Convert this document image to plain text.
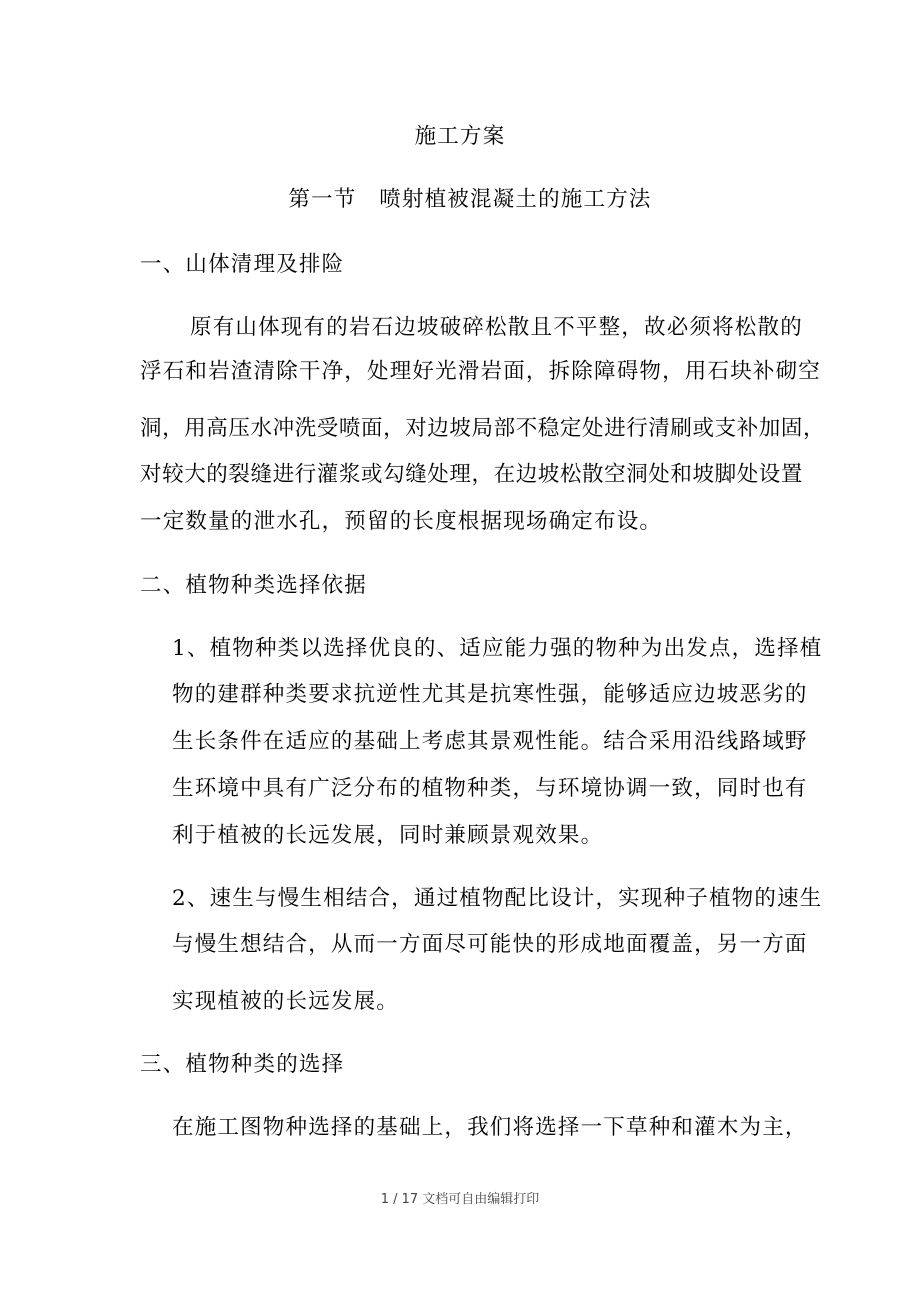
施工方案
第一节　喷射植被混凝土的施工方法
一、山体清理及排险
原有山体现有的岩石边坡破碎松散且不平整，故必须将松散的
浮石和岩渣清除干净，处理好光滑岩面，拆除障碍物，用石块补砌空
洞，用高压水冲洗受喷面，对边坡局部不稳定处进行清刷或支补加固，
对较大的裂缝进行灌浆或勾缝处理，在边坡松散空洞处和坡脚处设置
一定数量的泄水孔，预留的长度根据现场确定布设。
二、植物种类选择依据
1、植物种类以选择优良的、适应能力强的物种为出发点，选择植
物的建群种类要求抗逆性尤其是抗寒性强，能够适应边坡恶劣的
生长条件在适应的基础上考虑其景观性能。结合采用沿线路域野
生环境中具有广泛分布的植物种类，与环境协调一致，同时也有
利于植被的长远发展，同时兼顾景观效果。
2、速生与慢生相结合，通过植物配比设计，实现种子植物的速生
与慢生想结合，从而一方面尽可能快的形成地面覆盖，另一方面
实现植被的长远发展。
三、植物种类的选择
在施工图物种选择的基础上，我们将选择一下草种和灌木为主，
1 / 17 文档可自由编辑打印
